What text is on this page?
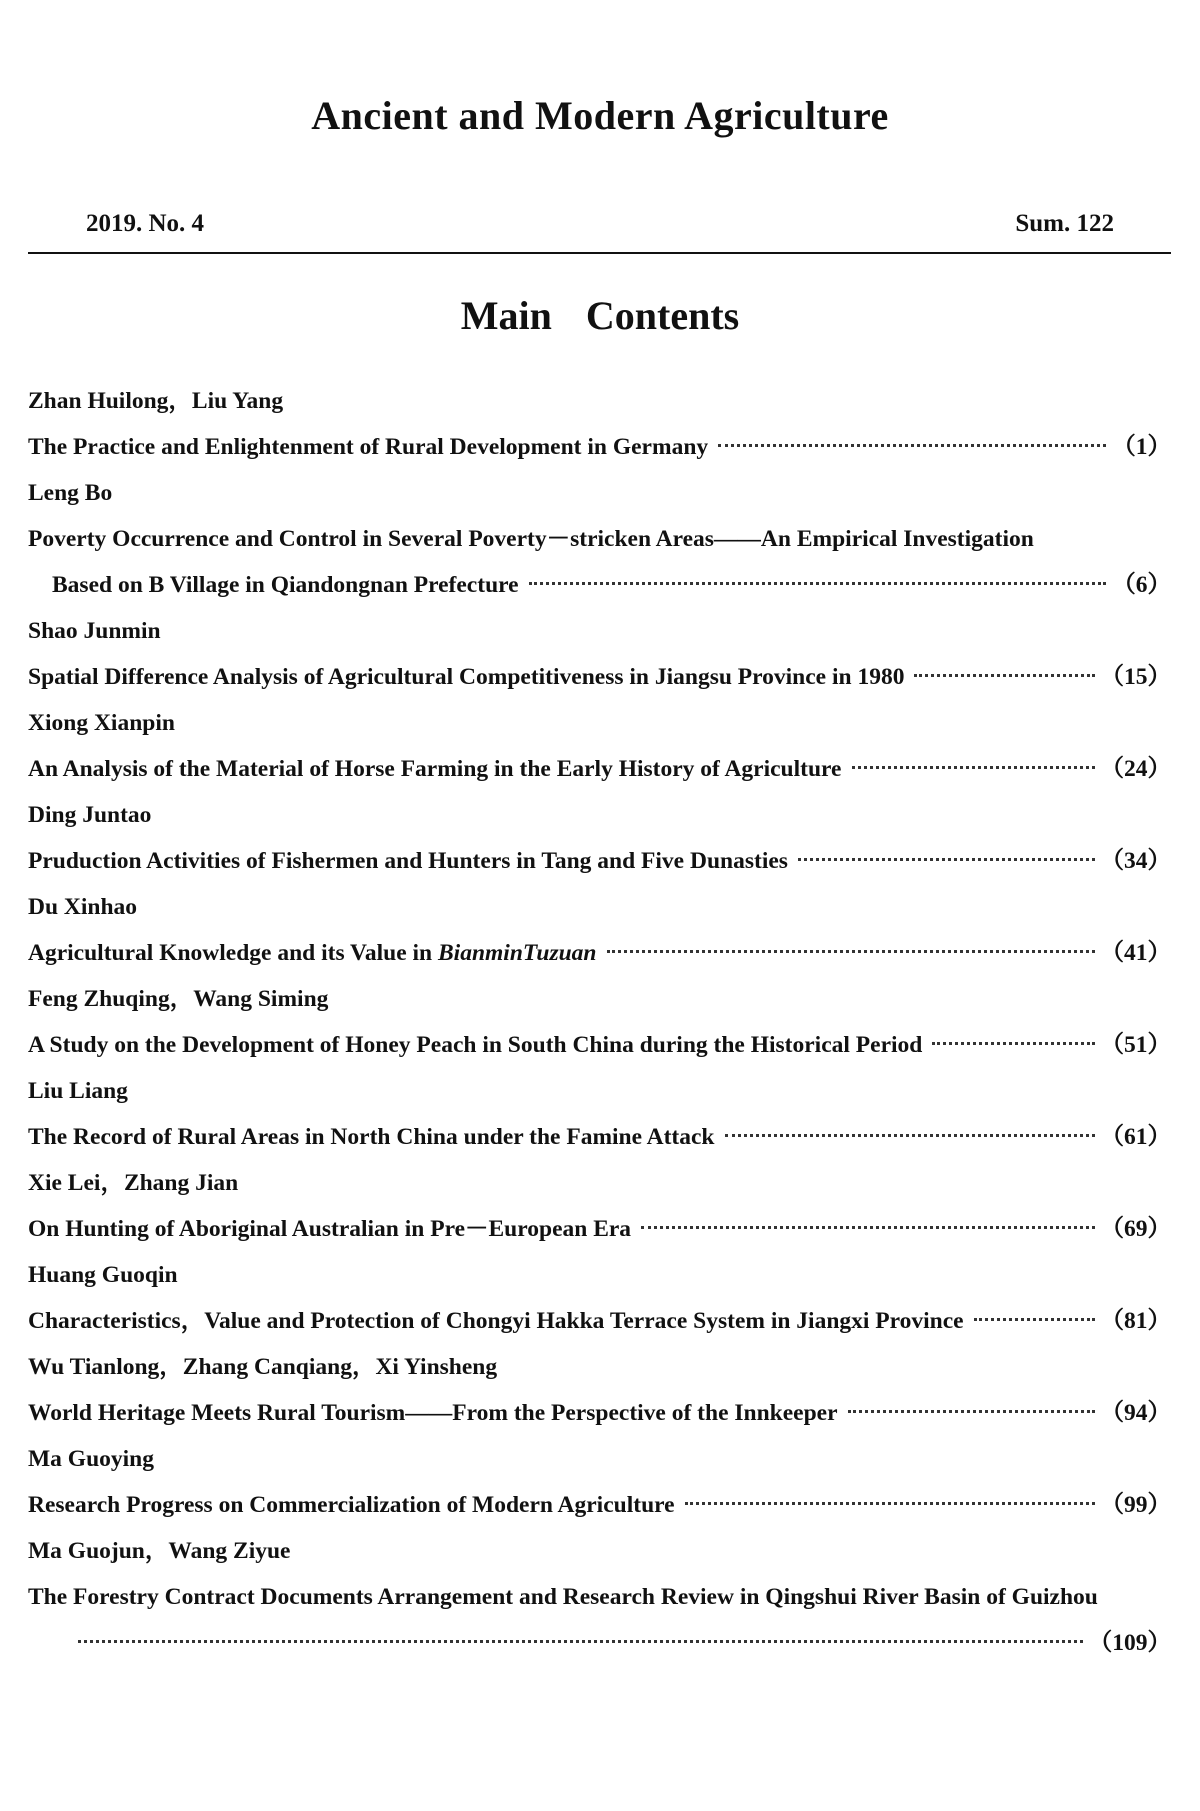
Ancient and Modern Agriculture
2019. No. 4	Sum. 122
Main Contents
Zhan Huilong，Liu Yang
The Practice and Enlightenment of Rural Development in Germany	（1）
Leng Bo
Poverty Occurrence and Control in Several Poverty－stricken Areas——An Empirical Investigation
Based on B Village in Qiandongnan Prefecture	（6）
Shao Junmin
Spatial Difference Analysis of Agricultural Competitiveness in Jiangsu Province in 1980	（15）
Xiong Xianpin
An Analysis of the Material of Horse Farming in the Early History of Agriculture	（24）
Ding Juntao
Pruduction Activities of Fishermen and Hunters in Tang and Five Dunasties	（34）
Du Xinhao
Agricultural Knowledge and its Value in BianminTuzuan	（41）
Feng Zhuqing，Wang Siming
A Study on the Development of Honey Peach in South China during the Historical Period	（51）
Liu Liang
The Record of Rural Areas in North China under the Famine Attack	（61）
Xie Lei，Zhang Jian
On Hunting of Aboriginal Australian in Pre－European Era	（69）
Huang Guoqin
Characteristics，Value and Protection of Chongyi Hakka Terrace System in Jiangxi Province	（81）
Wu Tianlong，Zhang Canqiang，Xi Yinsheng
World Heritage Meets Rural Tourism——From the Perspective of the Innkeeper	（94）
Ma Guoying
Research Progress on Commercialization of Modern Agriculture	（99）
Ma Guojun，Wang Ziyue
The Forestry Contract Documents Arrangement and Research Review in Qingshui River Basin of Guizhou
（109）
